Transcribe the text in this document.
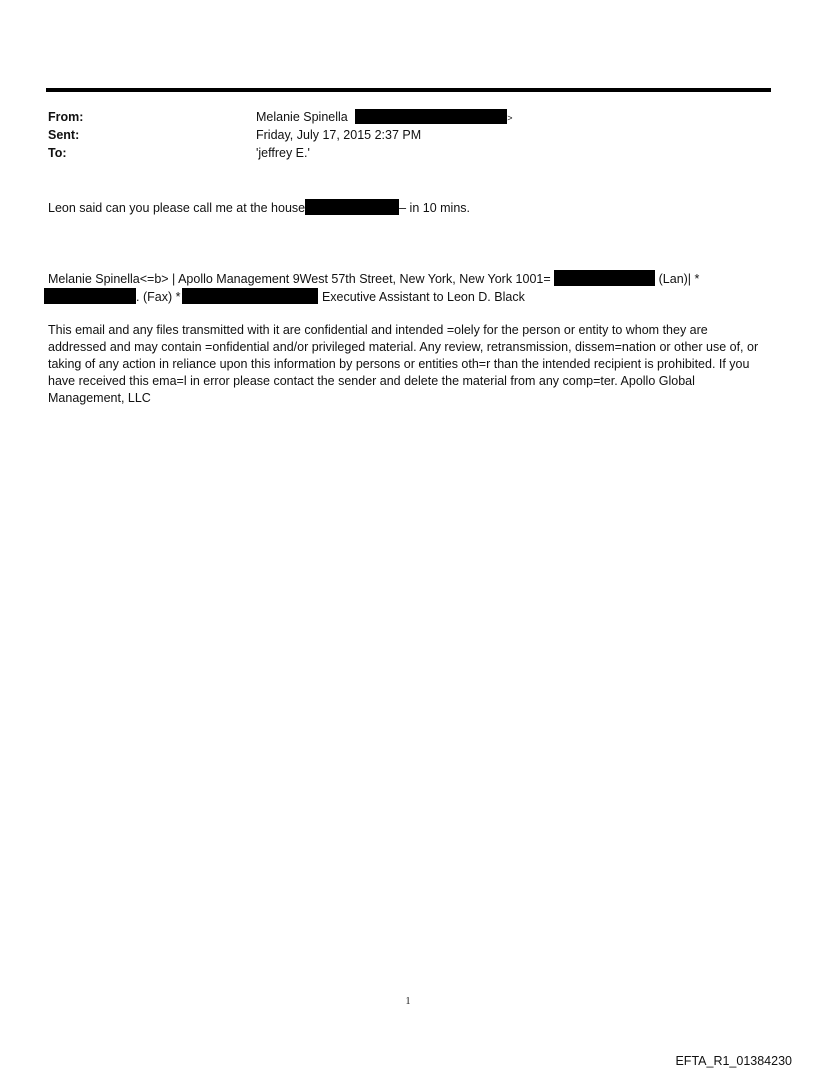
From:	Melanie Spinella	>
Sent:	Friday, July 17, 2015 2:37 PM
To:	'jeffrey E.'
Leon said can you please call me at the house	– in 10 mins.
Melanie Spinella<=b> | Apollo Management 9West 57th Street, New York, New York 1001=	(Lan)| *
. (Fax) *	Executive Assistant to Leon D. Black
This email and any files transmitted with it are confidential and intended =olely for the person or entity to whom they are addressed and may contain =onfidential and/or privileged material. Any review, retransmission, dissem=nation or other use of, or taking of any action in reliance upon this information by persons or entities oth=r than the intended recipient is prohibited. If you have received this ema=l in error please contact the sender and delete the material from any comp=ter. Apollo Global Management, LLC
1
EFTA_R1_01384230
